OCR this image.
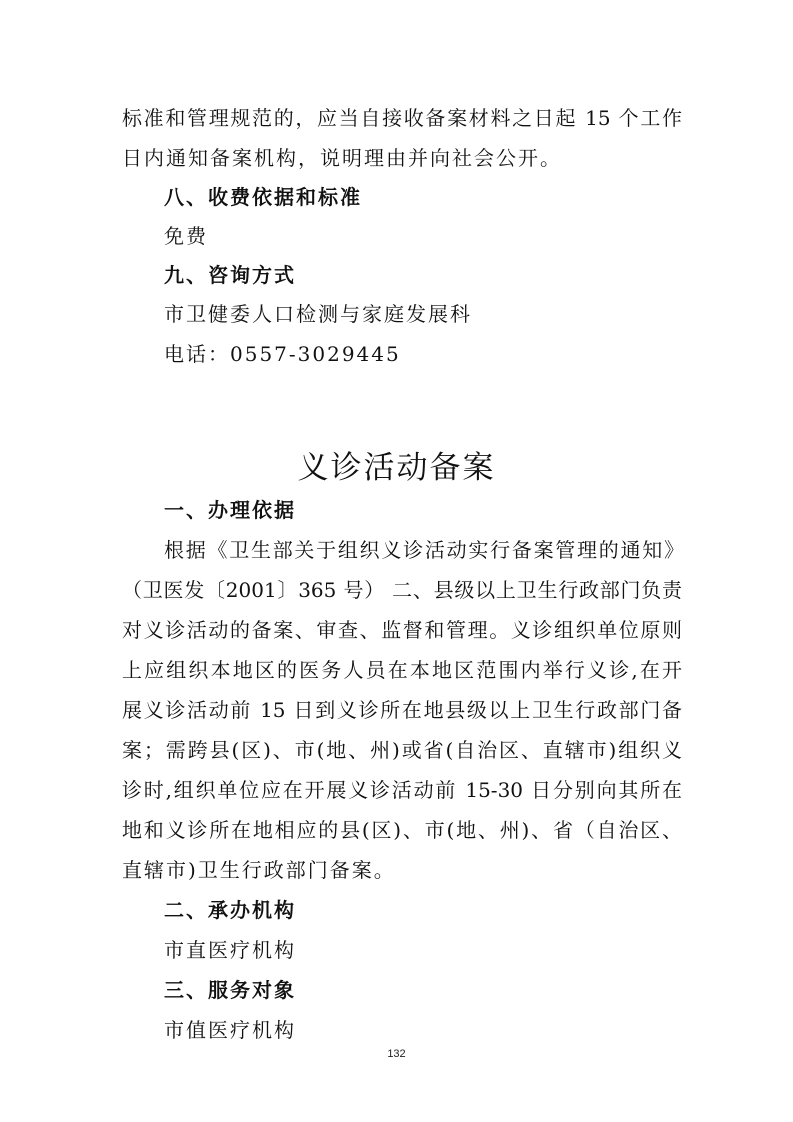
标准和管理规范的，应当自接收备案材料之日起 15 个工作
日内通知备案机构，说明理由并向社会公开。
八、收费依据和标准
免费
九、咨询方式
市卫健委人口检测与家庭发展科
电话：0557-3029445
义诊活动备案
一、办理依据
根据《卫生部关于组织义诊活动实行备案管理的通知》
（卫医发〔2001〕365 号） 二、县级以上卫生行政部门负责
对义诊活动的备案、审查、监督和管理。义诊组织单位原则
上应组织本地区的医务人员在本地区范围内举行义诊,在开
展义诊活动前 15 日到义诊所在地县级以上卫生行政部门备
案；需跨县(区)、市(地、州)或省(自治区、直辖市)组织义
诊时,组织单位应在开展义诊活动前 15-30 日分别向其所在
地和义诊所在地相应的县(区)、市(地、州)、省（自治区、
直辖市)卫生行政部门备案。
二、承办机构
市直医疗机构
三、服务对象
市值医疗机构
132
